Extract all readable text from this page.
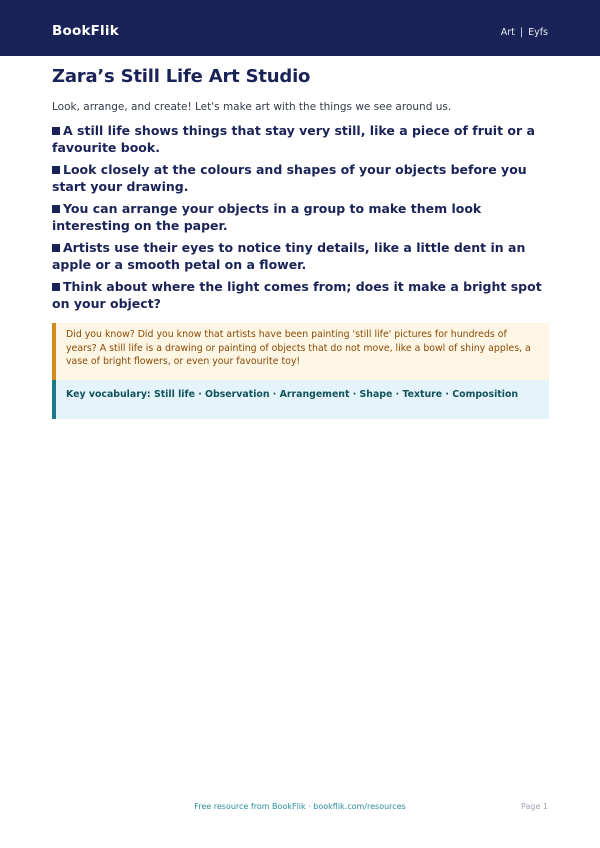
BookFlik	Art | Eyfs
Zara’s Still Life Art Studio
Look, arrange, and create! Let's make art with the things we see around us.
A still life shows things that stay very still, like a piece of fruit or a favourite book.
Look closely at the colours and shapes of your objects before you start your drawing.
You can arrange your objects in a group to make them look interesting on the paper.
Artists use their eyes to notice tiny details, like a little dent in an apple or a smooth petal on a flower.
Think about where the light comes from; does it make a bright spot on your object?
Did you know? Did you know that artists have been painting 'still life' pictures for hundreds of years? A still life is a drawing or painting of objects that do not move, like a bowl of shiny apples, a vase of bright flowers, or even your favourite toy!
Key vocabulary: Still life · Observation · Arrangement · Shape · Texture · Composition
Free resource from BookFlik · bookflik.com/resources	Page 1
